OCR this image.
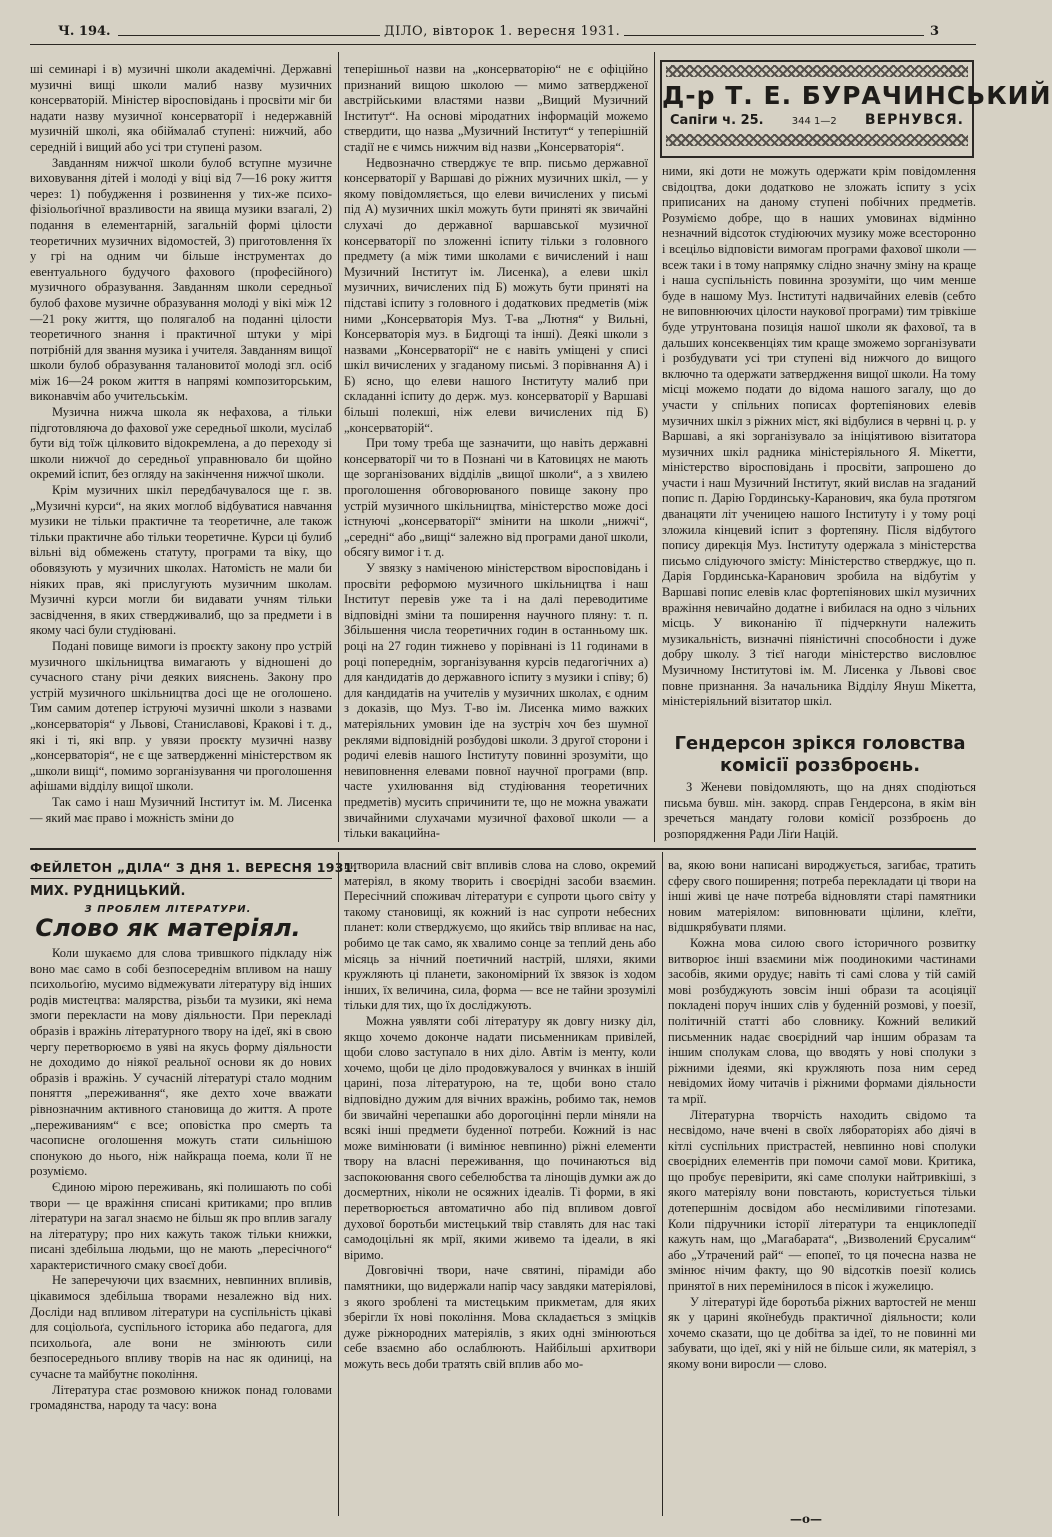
Ч. 194.	ДІЛО, вівторок 1. вересня 1931.	3

ші семинарі і в) музичні школи академічні. Державні музичні вищі школи малиб назву музичних консерваторій. Міністер віросповідань і просвіти міг би надати назву музичної консерваторії і недержавній музичній школі, яка обіймалаб ступені: нижчий, або середній і вищий або усі три ступені разом.

Завданням нижчої школи булоб вступне музичне виховування дітей і молоді у віці від 7—16 року життя через: 1) побудження і розвинення у тих-же психо-фізіольоґічної вразливости на явища музики взагалі, 2) подання в елементарній, загальній формі цілости теоретичних музичних відомостей, 3) приготовлення їх у грі на одним чи більше інструментах до евентуального будучого фахового (професійного) музичного образування. Завданням школи середньої булоб фахове музичне образування молоді у вікі між 12—21 року життя, що полягалоб на поданні цілости теоретичного знання і практичної штуки у мірі потрібній для звання музика і учителя. Завданням вищої школи булоб образування талановитої молоді згл. осіб між 16—24 роком життя в напрямі композиторським, виконавчім або учительськім.

Музична нижча школа як нефахова, а тільки підготовляюча до фахової уже середньої школи, мусілаб бути від тоїж цілковито відокремлена, а до переходу зі школи нижчої до середньої управнювало би щойно окремий іспит, без огляду на закінчення нижчої школи.

Крім музичних шкіл передбачувалося ще г. зв. „Музичні курси“, на яких моглоб відбуватися навчання музики не тільки практичне та теоретичне, але також тільки практичне або тільки теоретичне. Курси ці булиб вільні від обмежень статуту, програми та віку, що обовязують у музичних школах. Натомість не мали би ніяких прав, які прислугують музичним школам. Музичні курси могли би видавати учням тільки засвідчення, в яких ствердживалиб, що за предмети і в якому часі були студіювані.

Подані повище вимоги із проєкту закону про устрій музичного шкільництва вимагають у відношені до сучасного стану річи деяких вияснень. Закону про устрій музичного шкільництва досі ще не оголошено. Тим самим дотепер іструючі музичні школи з назвами „консерваторія“ у Львові, Станиславові, Кракові і т. д., які і ті, які впр. у увязи проєкту музичні назву „консерваторія“, не є ще затвердженні міністерством як „школи вищі“, помимо зорганізування чи проголошення афішами відділу вищої школи.

Так само і наш Музичний Інститут ім. М. Лисенка — який має право і можність зміни до

теперішньої назви на „консерваторію“ не є офіційно признаний вищою школою — мимо затвердженої австрійськими властями назви „Вищий Музичний Інститут“. На основі міродатних інформацій можемо ствердити, що назва „Музичний Інститут“ у теперішній стадії не є чимсь нижчим від назви „Консерваторія“.

Недвозначно стверджує те впр. письмо державної консерваторії у Варшаві до ріжних музичних шкіл, — у якому повідомляється, що елеви вичислених у письмі під А) музичних шкіл можуть бути приняті як звичайні слухачі до державної варшавської музичної консерваторії по зложенні іспиту тільки з головного предмету (а між тими школами є вичислений і наш Музичний Інститут ім. Лисенка), а елеви шкіл музичних, вичислених під Б) можуть бути приняті на підставі іспиту з головного і додаткових предметів (між ними „Консерваторія Муз. Т-ва „Лютня“ у Вильні, Консерваторія муз. в Бидгощі та інші). Деякі школи з назвами „Консерваторії“ не є навіть уміщені у списі шкіл вичислених у згаданому письмі. З порівнання А) і Б) ясно, що елеви нашого Інституту малиб при складанні іспиту до держ. муз. консерваторії у Варшаві більші полекші, ніж елеви вичислених під Б) „консерваторій“.

При тому треба ще зазначити, що навіть державні консерваторії чи то в Познані чи в Катовицях не мають ще зорганізованих відділів „вищої школи“, а з хвилею проголошення обговорюваного повище закону про устрій музичного шкільництва, міністерство може досі істнуючі „консерваторії“ змінити на школи „нижчі“, „середні“ або „вищі“ залежно від програми даної школи, обсягу вимог і т. д.

У звязку з наміченою міністерством віросповідань і просвіти реформою музичного шкільництва і наш Інститут перевів уже та і на далі переводитиме відповідні зміни та поширення научного пляну: т. п. Збільшення числа теоретичних годин в останньому шк. році на 27 годин тижнево у порівнані із 11 годинами в році попереднім, зорганізування курсів педагогічних а) для кандидатів до державного іспиту з музики і співу; б) для кандидатів на учителів у музичних школах, є одним з доказів, що Муз. Т-во ім. Лисенка мимо важких матеріяльних умовин іде на зустріч хоч без шумної реклями відповідній розбудові школи. З другої сторони і родичі елевів нашого Інституту повинні зрозуміти, що невиповнення елевами повної научної програми (впр. часте ухилювання від студіювання теоретичних предметів) мусить спричинити те, що не можна уважати звичайними слухачами музичної фахової школи — а тільки вакацийна-

Д-р Т. Е. БУРАЧИНСЬКИЙ
Сапіги ч. 25.	344 1—2 ВЕРНУВСЯ.

ними, які доти не можуть одержати крім повідомлення свідоцтва, доки додатково не зложать іспиту з усіх приписаних на даному ступені побічних предметів. Розуміємо добре, що в наших умовинах відмінно незначний відсоток студіюючих музику може всесторонно і всецільо відповісти вимогам програми фахової школи — всеж таки і в тому напрямку слідно значну зміну на краще і наша суспільність повинна зрозуміти, що чим менше буде в нашому Муз. Інституті надвичайних елевів (себто не виповнюючих цілости наукової програми) тим трівкіше буде утрунтована позиція нашої школи як фахової, та в дальших консеквенціях тим краще зможемо зорганізувати і розбудувати усі три ступені від нижчого до вищого включно та одержати затвердження вищої школи. На тому місці можемо подати до відома нашого загалу, що до участи у спільних пописах фортепіянових елевів музичних шкіл з ріжних міст, які відбулися в червні ц. р. у Варшаві, а які зорганізувало за ініціятивою візитатора музичних шкіл радника міністеріяльного Я. Мікетти, міністерство віросповідань і просвіти, запрошено до участи і наш Музичний Інститут, який вислав на згаданий попис п. Дарію Гординську-Каранович, яка була протягом дванацяти літ ученицею нашого Інституту і у тому році зложила кінцевий іспит з фортепяну. Після відбутого попису дирекція Муз. Інституту одержала з міністерства письмо слідуючого змісту: Міністерство стверджує, що п. Дарія Гординська-Каранович зробила на відбутім у Варшаві попис елевів клас фортепіянових шкіл музичних вражіння невичайно додатне і вибилася на одно з чільних місць. У виконанію її підчеркнути належить музикальність, визначні піяністичні способности і дуже добру школу. З тієї нагоди міністерство висловлює Музичному Інститутові ім. М. Лисенка у Львові своє повне признання. За начальника Відділу Януш Мікетта, міністеріяльний візитатор шкіл.

Гендерсон зрікся головства комісії роззброєнь.

З Женеви повідомляють, що на днях сподіються письма бувш. мін. закорд. справ Гендерсона, в якім він зречеться мандату голови комісії роззброєнь до розпорядження Ради Ліґи Націй.

ФЕЙЛЕТОН „ДІЛА“ З ДНЯ 1. ВЕРЕСНЯ 1931.
МИХ. РУДНИЦЬКИЙ.
З ПРОБЛЕМ ЛІТЕРАТУРИ.
Слово як матеріял.

Коли шукаємо для слова трившкого підкладу ніж воно має само в собі безпосереднім впливом на нашу психольоґію, мусимо відмежувати літературу від інших родів мистецтва: малярства, різьби та музики, які нема змоги перекласти на мову діяльности. При перекладі образів і вражінь літературного твору на ідеї, які в свою чергу перетворюємо в уяві на якусь форму діяльности не доходимо до ніякої реальної основи як до нових образів і вражінь. У сучасній літературі стало модним поняття „переживання“, яке дехто хоче вважати рівнозначним активного становища до життя. А проте „переживаниям“ є все; оповістка про смерть та часописне оголошення можуть стати сильнішою спонукою до нього, ніж найкраща поема, коли її не розуміємо.

Єдиною мірою переживань, які полишають по собі твори — це вражіння списані критиками; про вплив літератури на загал знаємо не більш як про вплив загалу на літературу; про них кажуть також тільки книжки, писані здебільша людьми, що не мають „пересічного“ характеристичного смаку своєї доби.

Не заперечуючи цих взаємних, невпинних впливів, цікавимося здебільша творами незалежно від них. Досліди над впливом літератури на суспільність цікаві для соціольоґа, суспільного історика або педагога, для психольоґа, але вони не змінюють сили безпосереднього впливу творів на нас як одиниці, на сучасне та майбутнє покоління.

Література стає розмовою книжок понад головами громадянства, народу та часу: вона

витворила власний світ впливів слова на слово, окремий матеріял, в якому творить і своєрідні засоби взаємин. Пересічний споживач літератури є супроти цього світу у такому становищі, як кожний із нас супроти небесних планет: коли стверджуємо, що якийсь твір впливає на нас, робимо це так само, як хвалимо сонце за теплий день або місяць за нічний поетичний настрій, шляхи, якими кружляють ці планети, закономірний їх звязок із ходом інших, їх величина, сила, форма — все не тайни зрозумілі тільки для тих, що їх досліджують.

Можна уявляти собі літературу як довгу низку діл, якщо хочемо доконче надати письменникам привілей, щоби слово заступало в них діло. Автім із менту, коли хочемо, щоби це діло продовжувалося у вчинках в іншій царині, поза літературою, на те, щоби воно стало відповідно дужим для вічних вражінь, робимо так, немов би звичайні черепашки або дорогоцінні перли міняли на всякі інші предмети буденної потреби. Кожний із нас може вимінювати (і вимінює невпинно) ріжні елементи твору на власні переживання, що починаються від заспокоювання свого себелюбства та лінощів думки аж до досмертних, ніколи не осяжних ідеалів. Ті форми, в які перетворюється автоматично або під впливом довгої духової боротьби мистецький твір ставлять для нас такі самодоцільні як мрії, якими живемо та ідеали, в які віримо.

Довговічні твори, наче святині, піраміди або памятники, що видержали напір часу завдяки матеріялові, з якого зроблені та мистецьким прикметам, для яких зберігли їх нові покоління. Мова складається з зміцків дуже ріжнородних матеріялів, з яких одні змінюються себе взаємно або ослаблюють. Найбільші архитвори можуть весь доби тратять свій вплив або мо-

ва, якою вони написані вироджується, загибає, тратить сферу свого поширення; потреба перекладати ці твори на інші живі це наче потреба відновляти старі памятники новим матеріялом: виповнювати щілини, клеїти, відшкрябувати плями.

Кожна мова силою свого історичного розвитку витворює інші взаємини між поодинокими частинами засобів, якими орудує; навіть ті самі слова у тій самій мові розбуджують зовсім інші образи та асоціяції покладені поруч інших слів у буденній розмові, у поезії, політичній статті або словнику. Кожний великий письменник надає своєрідний чар іншим образам та іншим сполукам слова, що вводять у нові сполуки з ріжними ідеями, які кружляють поза ним серед невідомих йому читачів і ріжними формами діяльности та мрії.

Літературна творчість находить свідомо та несвідомо, наче вчені в своїх лябораторіях або діячі в кітлі суспільних пристрастей, невпинно нові сполуки своєрідних елементів при помочи самої мови. Критика, що пробує перевірити, які саме сполуки найтривкіші, з якого матеріялу вони повстають, користується тільки дотепершнім досвідом або несміливими гіпотезами. Коли підручники історії літератури та енциклопедії кажуть нам, що „Магабарата“, „Визволений Єрусалим“ або „Утрачений рай“ — епопеї, то ця почесна назва не змінює нічим факту, що 90 відсотків поезії колись принятої в них перемінилося в пісок і жужелицю.

У літературі йде боротьба ріжних вартостей не менш як у царині якоїнебудь практичної діяльности; коли хочемо сказати, що це добітва за ідеї, то не повинні ми забувати, що ідеї, які у ній не більше сили, як матеріял, з якому вони виросли — слово.

—о—
